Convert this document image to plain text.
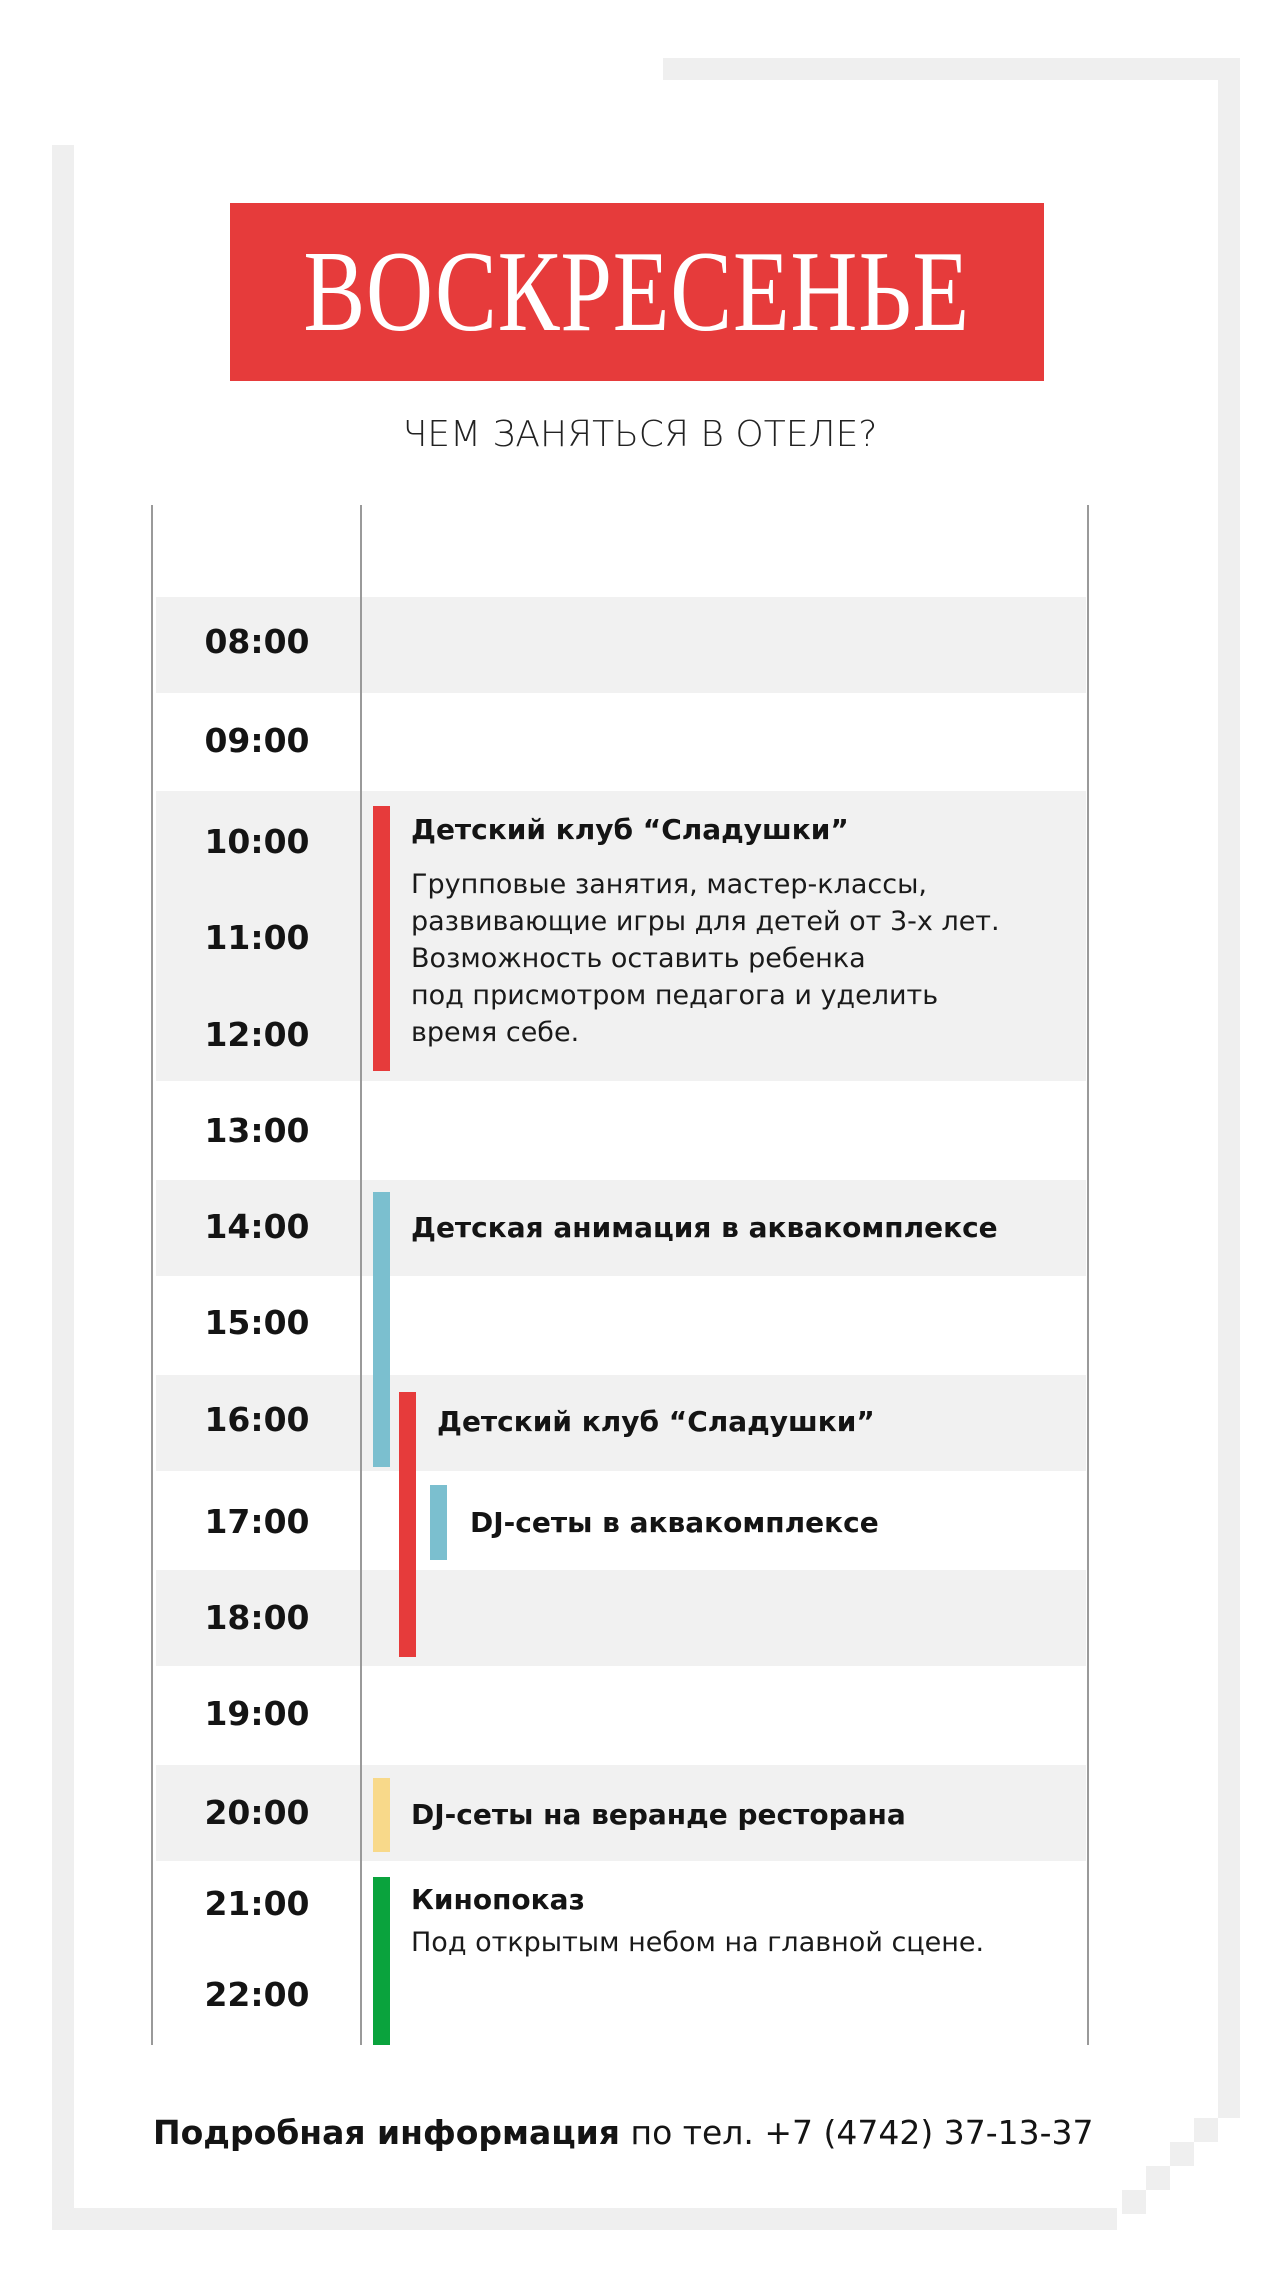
ВОСКРЕСЕНЬЕ
ЧЕМ ЗАНЯТЬСЯ В ОТЕЛЕ?
08:00
09:00
10:00
11:00
12:00
13:00
14:00
15:00
16:00
17:00
18:00
19:00
20:00
21:00
22:00
Детский клуб “Сладушки”
Групповые занятия, мастер-классы,
развивающие игры для детей от 3-х лет.
Возможность оставить ребенка
под присмотром педагога и уделить
время себе.
Детская анимация в аквакомплексе
Детский клуб “Сладушки”
DJ-сеты в аквакомплексе
DJ-сеты на веранде ресторана
Кинопоказ
Под открытым небом на главной сцене.
Подробная информация по тел. +7 (4742) 37-13-37
